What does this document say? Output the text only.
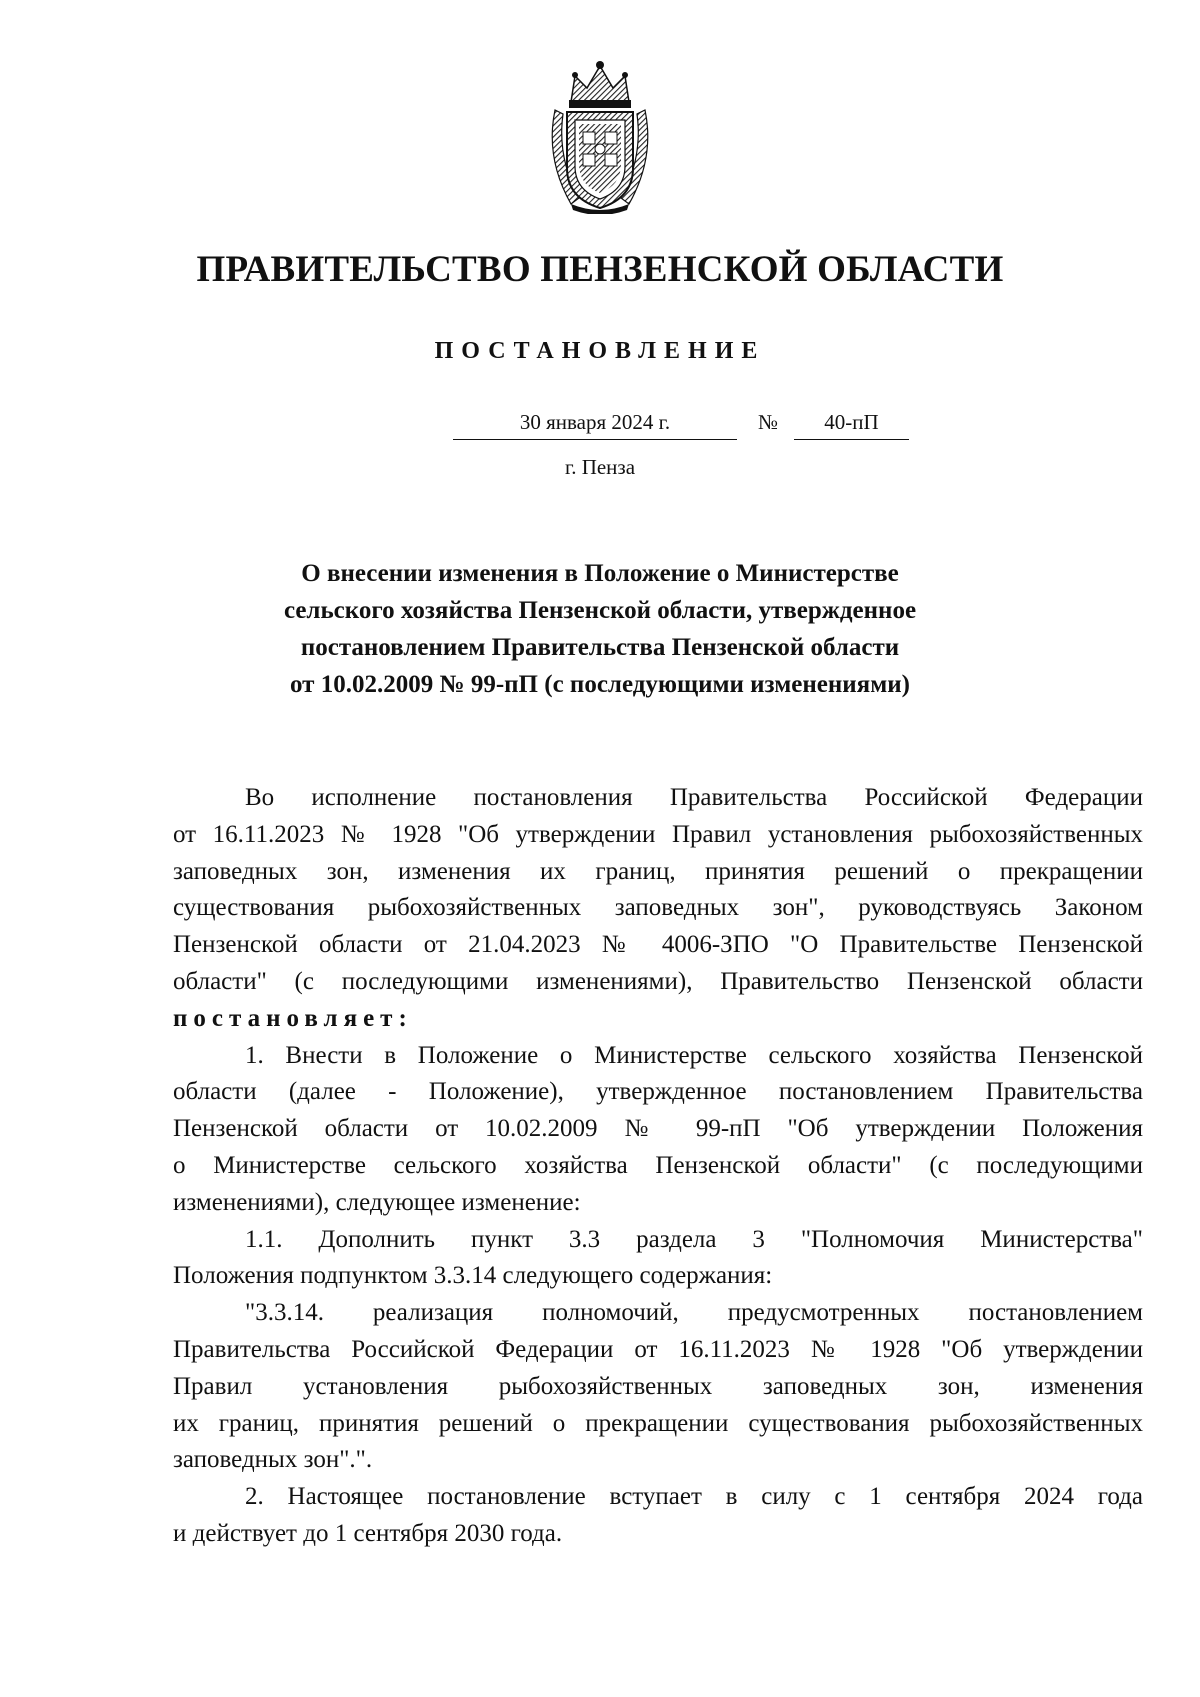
ПРАВИТЕЛЬСТВО ПЕНЗЕНСКОЙ ОБЛАСТИ
ПОСТАНОВЛЕНИЕ
30 января 2024 г.	№	40-пП
г. Пенза
О внесении изменения в Положение о Министерстве
сельского хозяйства Пензенской области, утвержденное
постановлением Правительства Пензенской области
от 10.02.2009 № 99-пП (с последующими изменениями)
Во исполнение постановления Правительства Российской Федерации
от 16.11.2023 № 1928 "Об утверждении Правил установления рыбохозяйственных
заповедных зон, изменения их границ, принятия решений о прекращении
существования рыбохозяйственных заповедных зон", руководствуясь Законом
Пензенской области от 21.04.2023 № 4006-ЗПО "О Правительстве Пензенской
области" (с последующими изменениями), Правительство Пензенской области
постановляет:
1. Внести в Положение о Министерстве сельского хозяйства Пензенской
области (далее - Положение), утвержденное постановлением Правительства
Пензенской области от 10.02.2009 № 99-пП "Об утверждении Положения
о Министерстве сельского хозяйства Пензенской области" (с последующими
изменениями), следующее изменение:
1.1. Дополнить пункт 3.3 раздела 3 "Полномочия Министерства"
Положения подпунктом 3.3.14 следующего содержания:
"3.3.14. реализация полномочий, предусмотренных постановлением
Правительства Российской Федерации от 16.11.2023 № 1928 "Об утверждении
Правил установления рыбохозяйственных заповедных зон, изменения
их границ, принятия решений о прекращении существования рыбохозяйственных
заповедных зон".".
2. Настоящее постановление вступает в силу с 1 сентября 2024 года
и действует до 1 сентября 2030 года.
